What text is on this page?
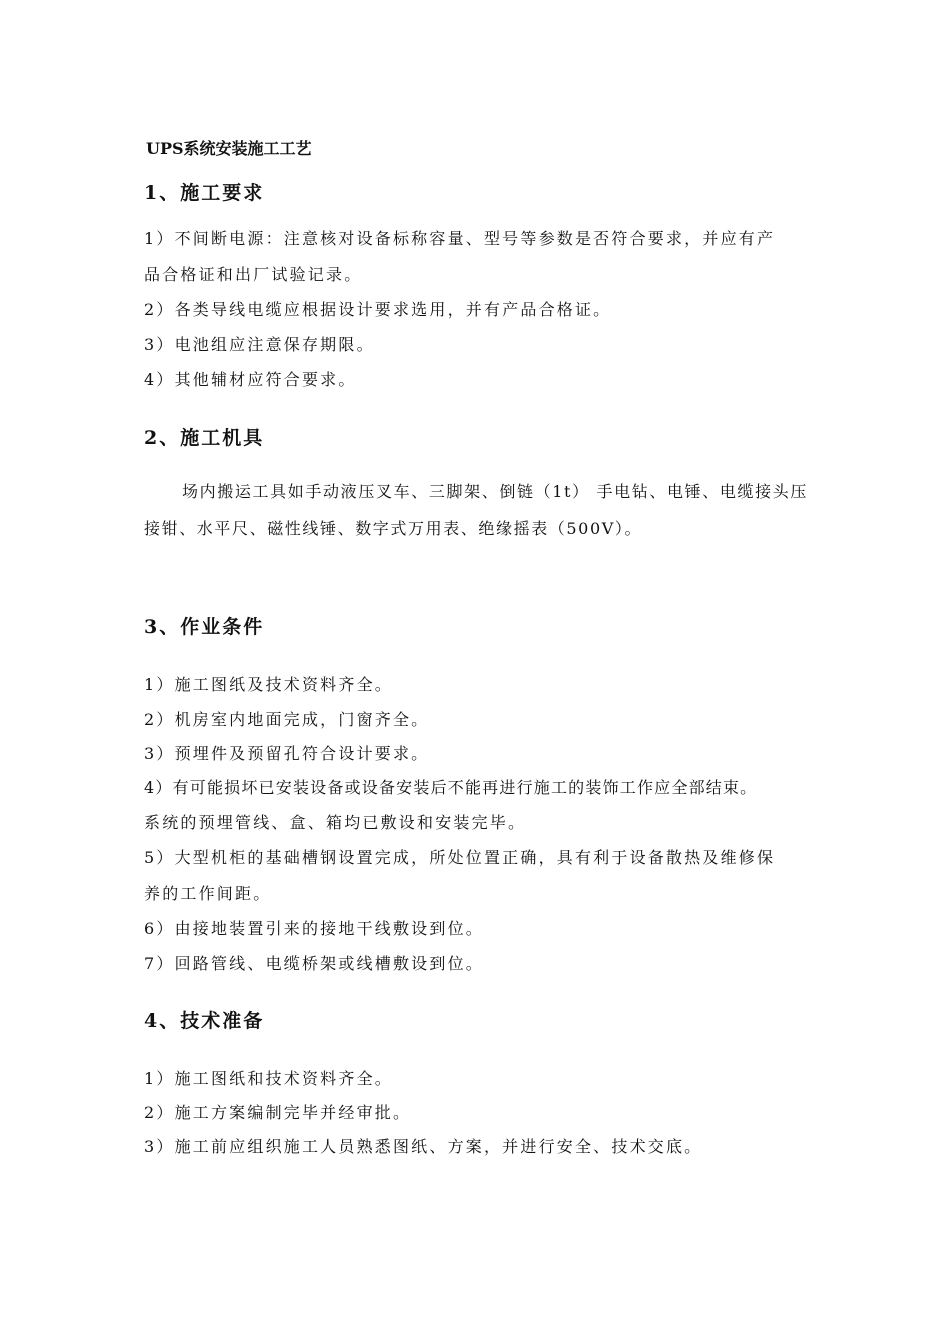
UPS系统安装施工工艺
1、施工要求
1）不间断电源：注意核对设备标称容量、型号等参数是否符合要求，并应有产
品合格证和出厂试验记录。
2）各类导线电缆应根据设计要求选用，并有产品合格证。
3）电池组应注意保存期限。
4）其他辅材应符合要求。
2、施工机具
场内搬运工具如手动液压叉车、三脚架、倒链（1t） 手电钻、电锤、电缆接头压接钳、水平尺、磁性线锤、数字式万用表、绝缘摇表（500V）。
3、作业条件
1）施工图纸及技术资料齐全。
2）机房室内地面完成，门窗齐全。
3）预埋件及预留孔符合设计要求。
4）有可能损坏已安装设备或设备安装后不能再进行施工的装饰工作应全部结束。
系统的预埋管线、盒、箱均已敷设和安装完毕。
5）大型机柜的基础槽钢设置完成，所处位置正确，具有利于设备散热及维修保
养的工作间距。
6）由接地装置引来的接地干线敷设到位。
7）回路管线、电缆桥架或线槽敷设到位。
4、技术准备
1）施工图纸和技术资料齐全。
2）施工方案编制完毕并经审批。
3）施工前应组织施工人员熟悉图纸、方案，并进行安全、技术交底。
